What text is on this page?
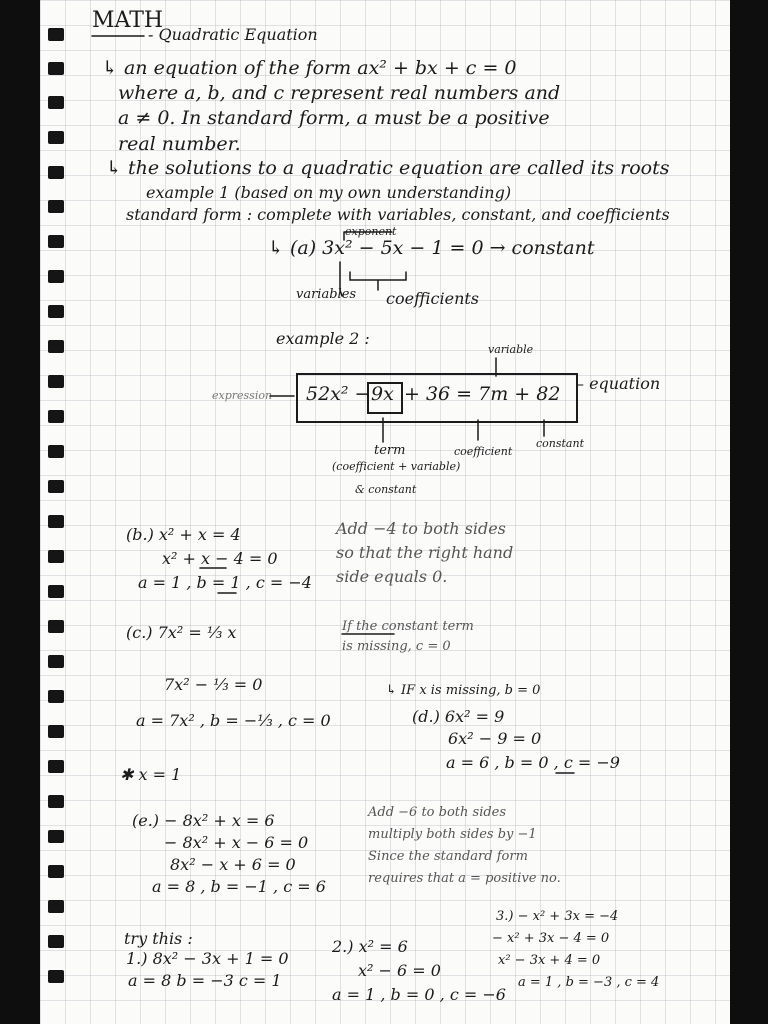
MATH
- Quadratic Equation
↳ an equation of the form ax² + bx + c = 0
where a, b, and c represent real numbers and
a ≠ 0. In standard form, a must be a positive
real number.
↳ the solutions to a quadratic equation are called its roots
example 1 (based on my own understanding)
standard form : complete with variables, constant, and coefficients
exponent
↳ (a) 3x² − 5x − 1 = 0 → constant
variables coefficients
example 2 :
variable
expression 52x² − 9x + 36 = 7m + 82 – equation
term
(coefficient + variable)
& constant
coefficient
constant
(b.) x² + x = 4
x² + x − 4 = 0
a = 1 , b = 1 , c = −4
Add −4 to both sides
so that the right hand
side equals 0.
(c.) 7x² = ⅓ x
7x² − ⅓ = 0
a = 7x² , b = −⅓ , c = 0
If the constant term
is missing, c = 0
↳ IF x is missing, b = 0
(d.) 6x² = 9
6x² − 9 = 0
a = 6 , b = 0 , c = −9
✱ x = 1
(e.) − 8x² + x = 6
− 8x² + x − 6 = 0
8x² − x + 6 = 0
a = 8 , b = −1 , c = 6
Add −6 to both sides
multiply both sides by −1
Since the standard form
requires that a = positive no.
try this :
1.) 8x² − 3x + 1 = 0
a = 8 b = −3 c = 1
2.) x² = 6
x² − 6 = 0
a = 1 , b = 0 , c = −6
3.) − x² + 3x = −4
− x² + 3x − 4 = 0
x² − 3x + 4 = 0
a = 1 , b = −3 , c = 4
